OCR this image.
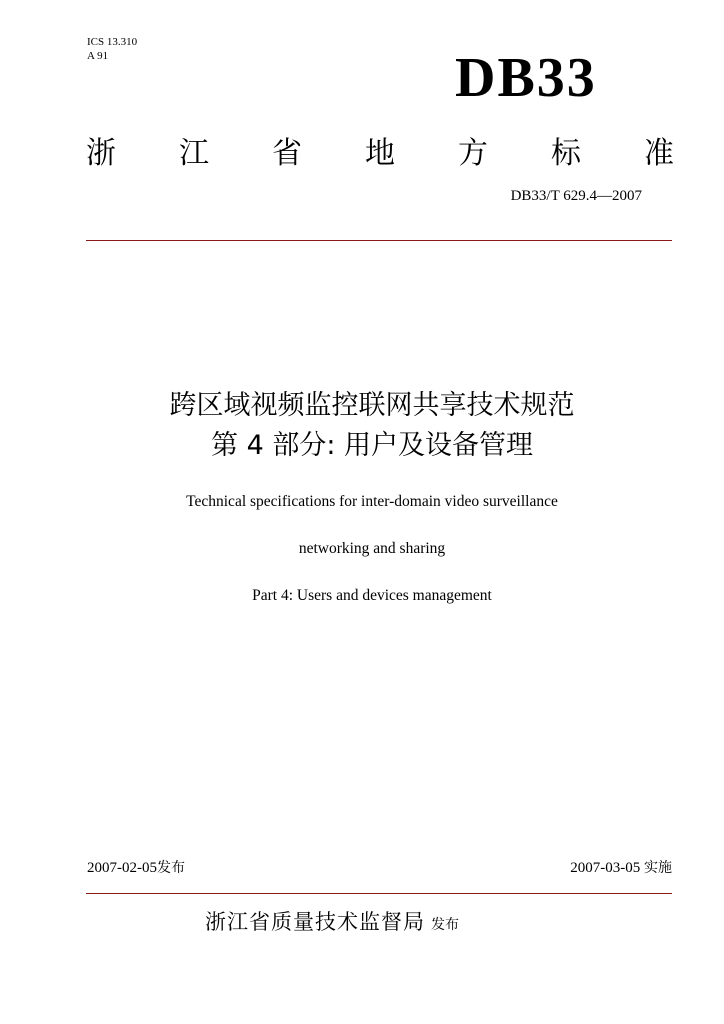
ICS 13.310
A 91	DB33
浙 江 省 地 方 标 准
DB33/T 629.4—2007
跨区域视频监控联网共享技术规范
第 4 部分: 用户及设备管理
Technical specifications for inter-domain video surveillance
networking and sharing
Part 4: Users and devices management
2007-02-05发布	2007-03-05 实施
浙江省质量技术监督局 发布
